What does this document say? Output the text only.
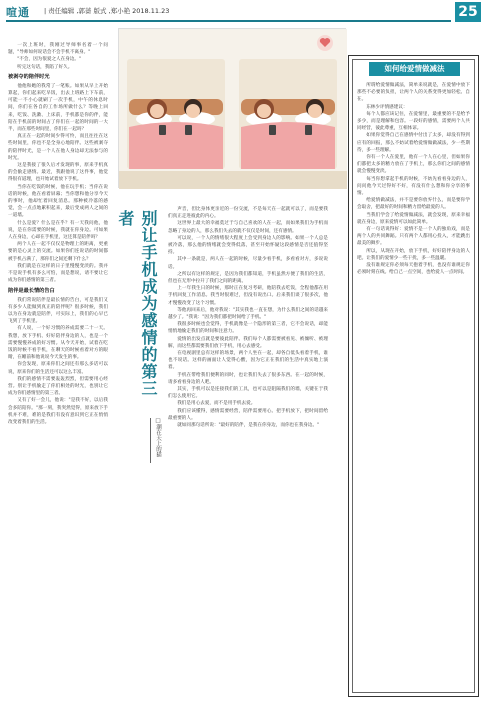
喧通 | 责任编辑 ,郭蔷 版式 ,郑小艳 2018.11.23	25

一次上班时，我刚过导师事名着一个问题，"导师如何说话会不会手机不离身。"

"不会，因为很爱之人在身边。"

听完这句话，我陷了好久。

被剥夺的陪伴时光

他他和她的我常了一笔账。如果从早上开始算起，你们起来吃早饭，出去上班路上下车前，可能一不小心就刷了一次手机，中午的休息时间，你们在各自的工作场所做什么？等晚上回来，吃饭、洗漱、上床前，手机都是你的伴，能陪在手机前的时间占了你们在一起的时间的一大半，而在那些时间里，你们在一起吗？

真正在一起的时间少得可怜，而且往往在这些时间里，你也不是全身心地陪伴。这些被剥夺的陪伴时光，是一个人在他人身边却无法参与的时光。

这是我接了很久后才发现的事，原来手机真的会偷走感情。最近，我跟他说了这件事，他觉得很有道理，也开始试着放下手机。

当你在吃饭的时候，他在玩手机；当你在说话的时候，他在看着屏幕；当你想和他分享今天的事时，他却忙着回复消息。那种被冷落的感觉，会一点点地累积起来，最后变成两人之间的一道墙。

什么是爱？什么是在乎？有一天我问他，他说，是在你需要的时候，我就在你身边。可如果人在身边，心却在手机里，这还算是陪伴吗？

两个人在一起不仅仅是物理上的距离，更重要的是心灵上的交流。如果你们连说话的时间都被手机占满了，那你们之间还剩下什么？

我们就是在这样的日子里慢慢变淡的。我并不是说手机有多么可怕，而是想说，请不要让它成为你们感情的第三者。

陪伴是最长情的告白

我们常说陪伴是最长情的告白，可是我们又有多少人能做到真正的陪伴呢？很多时候，我们以为在身边就是陪伴，可实际上，我们的心早已飞到了手机里。

有人说，一个好习惯的养成需要二十一天。我想，放下手机、好好陪伴身边的人，也是一个需要慢慢养成的好习惯。从今天开始，试着在吃饭的时候不看手机，在聊天的时候看着对方的眼睛，在睡前和他说说今天发生的事。

你会发现，原来你们之间还有那么多话可以说，原来你们的生活还可以这么丰富。

我们的感情不需要轰轰烈烈，但需要用心经营。别让手机偷走了你们相处的时光，也别让它成为你们感情里的第三者。

又有了好一会儿，他说："是我不好，以后我会多陪陪你。"那一刻，我突然觉得，原来放下手机并不难，难的是我们有没有意识到它正在悄悄改变着我们的生活。

别让手机成为感情的第三者
□潮在天上的猫

声音，但比身体更亲近的一份交流，不是每天在一起就可以了，而是要我们真正走进彼此的内心。

这世界上最大的幸福莫过于与自己喜欢的人在一起，而如果我们为手机而忽略了身边的人，那么我们失去的就不仅仅是时间，还有感情。

可以说，一个人的情绪很大程度上会受到身边人的影响。如果一个人总是被冷落，那么他的情绪就会变得低落，甚至开始怀疑这段感情是否还值得坚持。

其中一条就是，两人在一起的时候，尽量少看手机，多看看对方，多说说话。

之所以有这样的规定，是因为我们都知道，手机虽然方便了我们的生活，但也在无形中拉开了我们之间的距离。

上一年我生日的时候，那时正在复习考研，他陪我去吃饭，全程他都在用手机回复工作消息。我当时很难过，但没有说出口。后来我们谈了很多次，他才慢慢改变了这个习惯。

等他再回来后，他对我说："其实我也一直在想，为什么我们之间的话越来越少了。"我说："因为我们都把时间给了手机。"

我很多时候也会觉得，手机就像是一个隐形的第三者，它不会说话，却能悄悄地偷走我们的时间和注意力。

爱情的出发点就是要彼此陪伴。我们每个人都需要被看见、被倾听、被理解，而这些都需要我们放下手机，用心去感受。

在电视剧里总有这样的场景，两个人坐在一起，却各自低头看着手机，谁也不说话。这样的画面让人觉得心酸，因为它正在我们的生活中真实地上演着。

手机在带给我们便利的同时，也让我们失去了很多东西。在一起的时候，请多看看身边的人吧。

其实，手机可以是连接我们的工具，也可以是阻隔我们的墙，关键在于我们怎么使用它。

我们是用心去爱，而不是用手机去爱。

我们应该懂得，感情需要经营，陪伴需要用心。把手机放下，把时间留给最重要的人。

就如同那句话所说："最好的陪伴，是我在你身边，而你也在我身边。"

如何给爱情做减法

所谓给爱情做减法，简单来说就是，在爱情中放下那些不必要的负担，让两个人的关系变得更加轻松、自在。

东林少评情感建议：

每个人都应该记住，在爱情里，最重要的不是给予多少，而是理解和包容。一段好的感情，需要两个人共同经营，彼此尊重，互相体谅。

如果你觉得自己在感情中付出了太多，却没有得到应有的回报，那么不妨试着给爱情做做减法，少一些期待，多一些理解。

你有一个人在爱里，他有一个人在心里，但如果你们都把太多的精力放在了手机上，那么你们之间的感情就会慢慢变淡。

每当你想拿起手机的时候，不妨先看看身边的人，问问他今天过得好不好，有没有什么想和你分享的事情。

给爱情做减法，并不是要你放弃什么，而是要你学会取舍，把最好的时间和精力留给最爱的人。

当我们学会了给爱情做减法，就会发现，原来幸福就在身边，原来爱情可以如此简单。

有一句话说得好：爱情不是一个人的独角戏，而是两个人的共同舞蹈。只有两个人都用心投入，才能跳出最美的舞步。

所以，从现在开始，放下手机，好好陪伴身边的人吧。让我们的爱情少一些干扰，多一些温暖。

没有谁规定你必须每天抱着手机，也没有谁规定你必须时刻在线。给自己一点空间，也给爱人一点时间。
